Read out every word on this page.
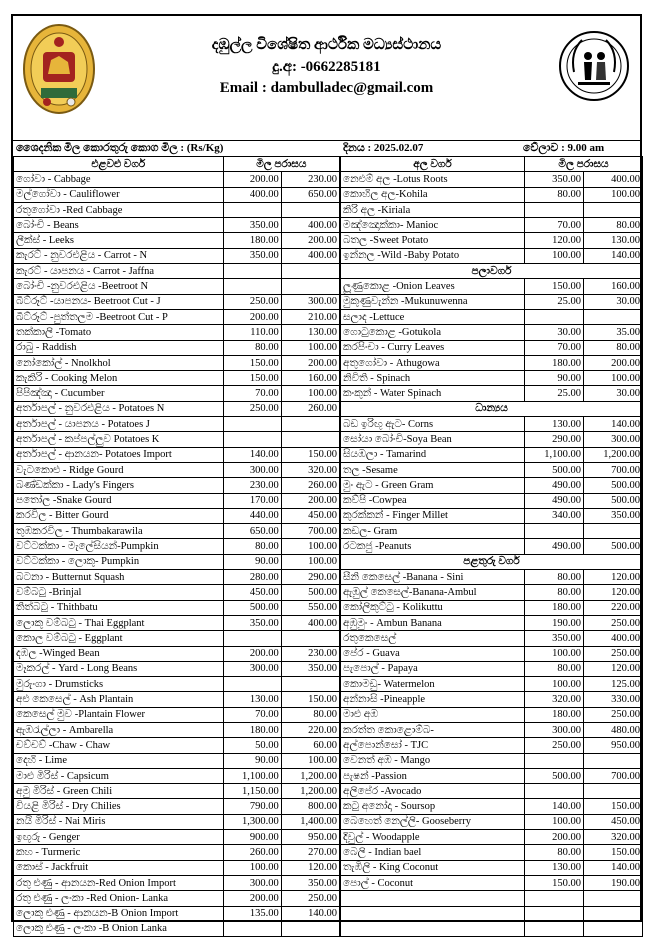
දඹුල්ල විශේෂිත ආර්ථික මධ්‍යස්ථානය
දු.අ: -0662285181
Email : dambulladec@gmail.com
ශෛදනික මිල කොරතුරු කොග මිල : (Rs/Kg)	දිනය : 2025.02.07	වේලාව : 9.00 am
එළවළු වර්ග	මිල පරාසය	
ගෝවා - Cabbage	200.00	230.00
මල්ගෝවා - Cauliflower	400.00	650.00
රතුගෝවා -Red Cabbage		
බෝංචි - Beans	350.00	400.00
ලීක්ස් - Leeks	180.00	200.00
කැරට් - නුවරඑළිය - Carrot - N	350.00	400.00
කැරට් - යාපනය - Carrot - Jaffna		
බෝංචි -නුවරඑළිය -Beetroot N		
බීට්රූට් -යාපනය- Beetroot Cut - J	250.00	300.00
බීට්රූට් -පුත්තලම -Beetroot Cut - P	200.00	210.00
තක්කාලි -Tomato	110.00	130.00
රාබු - Raddish	80.00	100.00
නෝකෝල් - Nnolkhol	150.00	200.00
කැකිරි - Cooking Melon	150.00	160.00
පිපිඤ්ඤා - Cucumber	70.00	100.00
අර්තාපල් - නුවරඑළිය - Potatoes N	250.00	260.00
අර්තාපල් - යාපනය - Potatoes J		
අර්තාපල් - කප්පල්ලුව Potatoes K		
අර්තාපල් - ආනයන- Potatoes Import	140.00	150.00
වැටකොළු - Ridge Gourd	300.00	320.00
බණ්ඩක්කා - Lady's Fingers	230.00	260.00
පතෝල -Snake Gourd	170.00	200.00
කරවිල - Bitter Gourd	440.00	450.00
තුඹකරවිල - Thumbakarawila	650.00	700.00
වට්ටක්කා - මැලේසියන්-Pumpkin	80.00	100.00
වට්ටක්කා - ලොකු- Pumpkin	90.00	100.00
බටනා - Butternut Squash	280.00	290.00
වම්බටු -Brinjal	450.00	500.00
තිත්බටු - Thithbatu	500.00	550.00
ලොකු වම්බටු - Thai Eggplant	350.00	400.00
කොල වම්බටු - Eggplant		
දඹල -Winged Bean	200.00	230.00
මෑකරල් - Yard - Long Beans	300.00	350.00
මුරුංගා - Drumsticks		
අළු කෙසෙල් - Ash Plantain	130.00	150.00
කෙසෙල් මුව -Plantain Flower	70.00	80.00
ඇඹරැල්ලා - Ambarella	180.00	220.00
චව්චව් -Chaw - Chaw	50.00	60.00
දෙහි - Lime	90.00	100.00
මාළු මිරිස් - Capsicum	1,100.00	1,200.00
අමු මිරිස් - Green Chili	1,150.00	1,200.00
වියළි මිරිස් - Dry Chilies	790.00	800.00
නයි මිරිස් - Nai Miris	1,300.00	1,400.00
ඉඟුරු - Genger	900.00	950.00
කහ - Turmeric	260.00	270.00
කොස් - Jackfruit	100.00	120.00
රතු ළුණු - ආනයන-Red Onion Import	300.00	350.00
රතු ළුණු - ලංකා -Red Onion- Lanka	200.00	250.00
ලොකු ළුණු - ආනයන-B Onion Import	135.00	140.00
ලොකු ළුණු - ලංකා -B Onion Lanka		
අල වර්ග	මිල පරාසය	
නෙළුම් අල -Lotus Roots	350.00	400.00
කොහිල අල-Kohila	80.00	100.00
කිරි අල -Kiriala		
මඤ්ඤොක්කා- Manioc	70.00	80.00
බතල -Sweet Potato	120.00	130.00
ඉන්නල -Wild -Baby Potato	100.00	140.00
පලාවර්ග		
ලූණුකොළ -Onion Leaves	150.00	160.00
මුකුණුවැන්න -Mukunuwenna	25.00	30.00
සලාද -Lettuce		
ගොටුකොළ -Gotukola	30.00	35.00
කරපිංචා - Curry Leaves	70.00	80.00
අතුගෝවා - Athugowa	180.00	200.00
නිවිති - Spinach	90.00	100.00
කංකුන් - Water Spinach	25.00	30.00
ධාන්‍යය		
බඩ ඉරිඟු ඇට- Corns	130.00	140.00
සෝයා බෝංචි-Soya Bean	290.00	300.00
සියඹලා - Tamarind	1,100.00	1,200.00
තල -Sesame	500.00	700.00
මුං ඇට - Green Gram	490.00	500.00
කව්පි -Cowpea	490.00	500.00
කුරක්කන් - Finger Millet	340.00	350.00
කඩල- Gram		
රටකජු -Peanuts	490.00	500.00
පළතුරු වර්ග		
සීනි කෙසෙල් -Banana - Sini	80.00	120.00
ඇඹුල් කෙසෙල්-Banana-Ambul	80.00	120.00
කෝලිකුට්ටු - Kolikuttu	180.00	220.00
අඹුමුං - Ambun Banana	190.00	250.00
රතුකෙසෙල්	350.00	400.00
පේර - Guava	100.00	250.00
පැපොල් - Papaya	80.00	120.00
කොමඩු- Watermelon	100.00	125.00
අන්නාසි -Pineapple	320.00	330.00
මාළු අඹ	180.00	250.00
කරත්ත කොළොම්බ-	300.00	480.00
අල්පොන්සෝ - TJC	250.00	950.00
වෙනත් අඹ - Mango		
පැෂන් -Passion	500.00	700.00
අලිපේර -Avocado		
කටු අනෝදා - Soursop	140.00	150.00
බෙහෙත් නෙල්ලි- Gooseberry	100.00	450.00
දිවුල් - Woodapple	200.00	320.00
බෙලි - Indian bael	80.00	150.00
තැඹිලි - King Coconut	130.00	140.00
පොල් - Coconut	150.00	190.00
